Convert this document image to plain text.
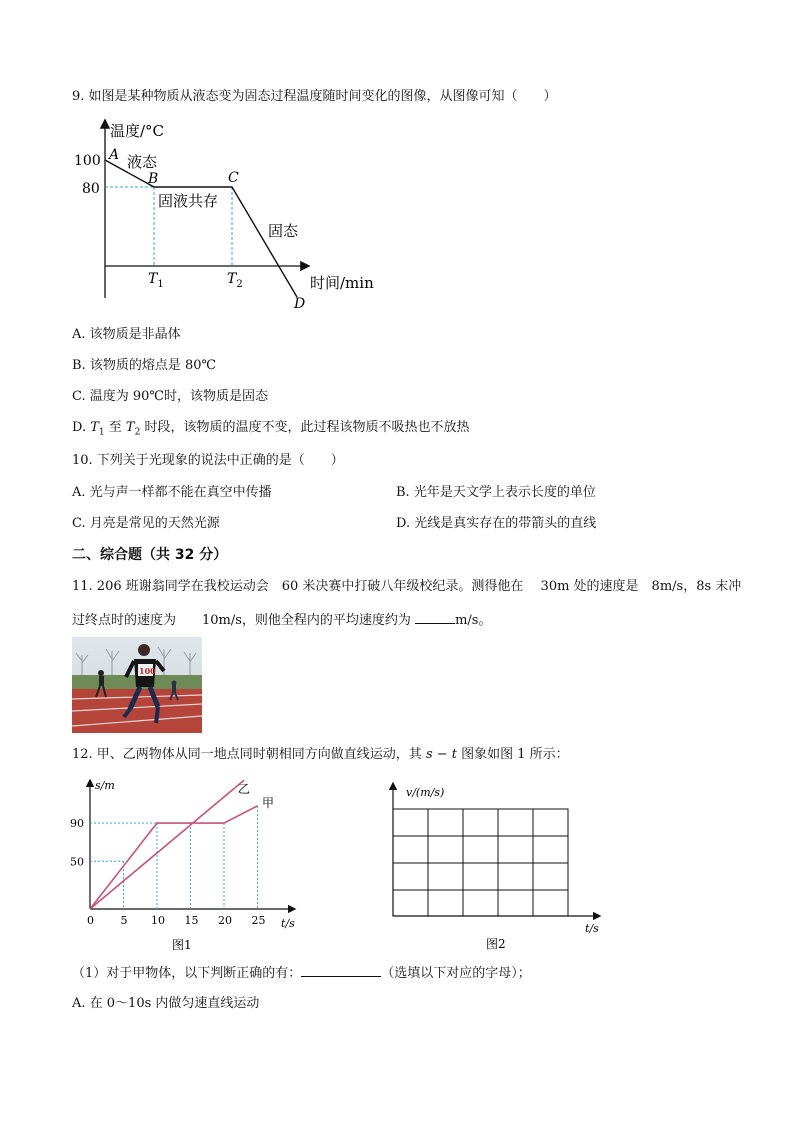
9. 如图是某种物质从液态变为固态过程温度随时间变化的图像，从图像可知（　　）
温度/°C
时间/min
100
80
A
B	C
D
液态
固液共存
固态
$T_1$	$T_2$
A. 该物质是非晶体
B. 该物质的熔点是 80℃
C. 温度为 90℃时，该物质是固态
D. $T_1$ 至 $T_2$ 时段，该物质的温度不变，此过程该物质不吸热也不放热
10. 下列关于光现象的说法中正确的是（　　）
A. 光与声一样都不能在真空中传播	B. 光年是天文学上表示长度的单位
C. 月亮是常见的天然光源	D. 光线是真实存在的带箭头的直线
二、综合题（共 32 分）
11. 206 班谢翁同学在我校运动会　60 米决赛中打破八年级校纪录。测得他在　 30m 处的速度是　8m/s，8s 末冲
过终点时的速度为　　10m/s，则他全程内的平均速度约为	m/s。
100
12. 甲、乙两物体从同一地点同时朝相同方向做直线运动，其 s − t 图象如图 1 所示：
s/m
t/s
图1
0 5 10 15 20 25
90
50
乙
甲
v/(m/s)
t/s
图2
（1）对于甲物体，以下判断正确的有：	（选填以下对应的字母）；
A. 在 0～10s 内做匀速直线运动
